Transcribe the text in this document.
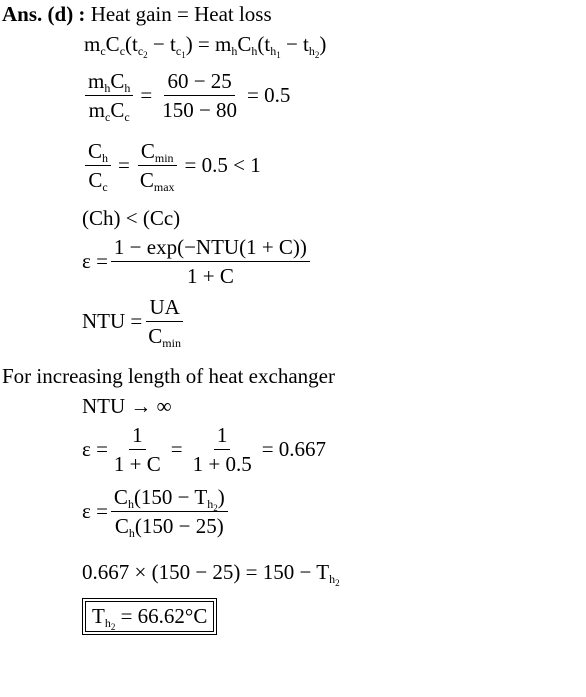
Ans. (d) : Heat gain = Heat loss
$m_cC_c(t_{c_2} - t_{c_1}) = m_hC_h(t_{h_1} - t_{h_2})$
$\frac{m_hC_h}{m_cC_c} = \frac{60 - 25}{150 - 80} = 0.5$
$\frac{C_h}{C_c} = \frac{C_{min}}{C_{max}} = 0.5 < 1$
(Ch) < (Cc)
$\varepsilon = \frac{\text{1 − exp(−NTU(1 + C))}}{1 + C}$
NTU = $\frac{UA}{C_{min}}$
For increasing length of heat exchanger
NTU → ∞
$\varepsilon = \frac{1}{1 + C} = \frac{1}{1 + 0.5} = 0.667$
$\varepsilon = \frac{C_h(150 - T_{h_2})}{C_h(150 - 25)}$
$0.667 \times (150 - 25) = 150 - T_{h_2}$
$T_{h_2} = 66.62^\circ C$
